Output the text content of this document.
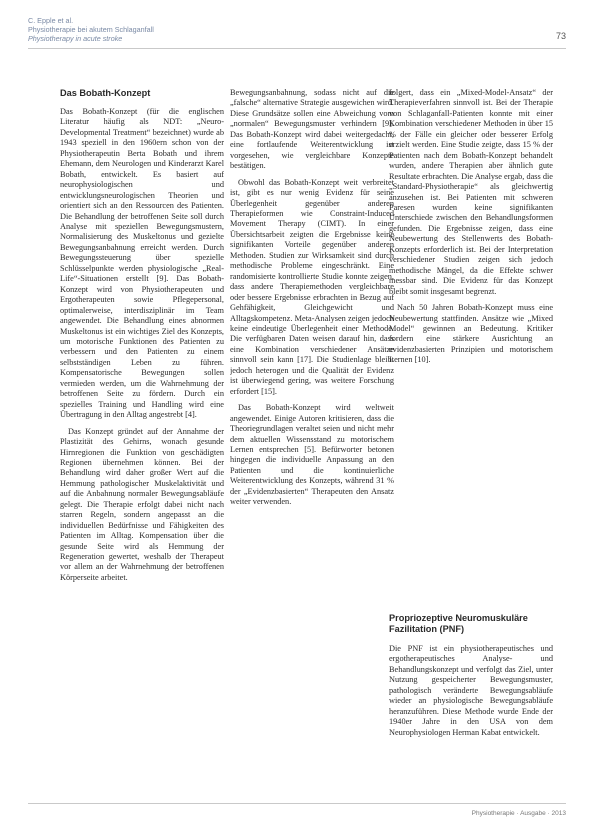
C. Epple et al.
Physiotherapie bei akutem Schlaganfall
Physiotherapy in acute stroke	73
Das Bobath-Konzept

Das Bobath-Konzept (für die englischen Literatur häufig als NDT: „Neuro-Developmental Treatment“ bezeichnet) wurde ab 1943 speziell in den 1960ern schon von der Physiotherapeutin Berta Bobath und ihrem Ehemann, dem Neurologen und Kinderarzt Karel Bobath, entwickelt. Es basiert auf neurophysiologischen und entwicklungsneurologischen Theorien und orientiert sich an den Ressourcen des Patienten. Die Behandlung der betroffenen Seite soll durch Analyse mit speziellen Bewegungsmustern, Normalisierung des Muskeltonus und gezielte Bewegungsanbahnung erreicht werden. Durch Bewegungssteuerung über spezielle Schlüsselpunkte werden physiologische „Real-Life“-Situationen erstellt [9]. Das Bobath-Konzept wird von Physiotherapeuten und Ergotherapeuten sowie Pflegepersonal, optimalerweise, interdisziplinär im Team angewendet. Die Behandlung eines abnormen Muskeltonus ist ein wichtiges Ziel des Konzepts, um motorische Funktionen des Patienten zu verbessern und den Patienten zu einem selbstständigen Leben zu führen. Kompensatorische Bewegungen sollen vermieden werden, um die Wahrnehmung der betroffenen Seite zu fördern. Durch ein spezielles Training und Handling wird eine Übertragung in den Alltag angestrebt [4].

Das Konzept gründet auf der Annahme der Plastizität des Gehirns, wonach gesunde Hirnregionen die Funktion von geschädigten Regionen übernehmen können. Bei der Behandlung wird daher großer Wert auf die Hemmung pathologischer Muskelaktivität und auf die Anbahnung normaler Bewegungsabläufe gelegt. Die Therapie erfolgt dabei nicht nach starren Regeln, sondern angepasst an die individuellen Bedürfnisse und Fähigkeiten des Patienten im Alltag. Kompensation über die gesunde Seite wird als Hemmung der Regeneration gewertet, weshalb der Therapeut vor allem an der Wahrnehmung der betroffenen Körperseite arbeitet.

Bewegungsanbahnung, sodass nicht auf die „falsche“ alternative Strategie ausgewichen wird. Diese Grundsätze sollen eine Abweichung vom „normalen“ Bewegungsmuster verhindern [9]. Das Bobath-Konzept wird dabei weitergedacht, eine fortlaufende Weiterentwicklung ist vorgesehen, wie vergleichbare Konzepte bestätigen.

Obwohl das Bobath-Konzept weit verbreitet ist, gibt es nur wenig Evidenz für seine Überlegenheit gegenüber anderen Therapieformen wie Constraint-Induced Movement Therapy (CIMT). In einer Übersichtsarbeit zeigten die Ergebnisse keine signifikanten Vorteile gegenüber anderen Methoden. Studien zur Wirksamkeit sind durch methodische Probleme eingeschränkt. Eine randomisierte kontrollierte Studie konnte zeigen, dass andere Therapiemethoden vergleichbare oder bessere Ergebnisse erbrachten in Bezug auf Gehfähigkeit, Gleichgewicht und Alltagskompetenz. Meta-Analysen zeigen jedoch keine eindeutige Überlegenheit einer Methode. Die verfügbaren Daten weisen darauf hin, dass eine Kombination verschiedener Ansätze sinnvoll sein kann [17]. Die Studienlage bleibt jedoch heterogen und die Qualität der Evidenz ist überwiegend gering, was weitere Forschung erfordert [15].

Das Bobath-Konzept wird weltweit angewendet. Einige Autoren kritisieren, dass die Theoriegrundlagen veraltet seien und nicht mehr dem aktuellen Wissensstand zu motorischem Lernen entsprechen [5]. Befürworter betonen hingegen die individuelle Anpassung an den Patienten und die kontinuierliche Weiterentwicklung des Konzepts, während 31 % der „Evidenzbasierten“ Therapeuten den Ansatz weiter verwenden.

folgert, dass ein „Mixed-Model-Ansatz“ der Therapieverfahren sinnvoll ist. Bei der Therapie von Schlaganfall-Patienten konnte mit einer Kombination verschiedener Methoden in über 15 % der Fälle ein gleicher oder besserer Erfolg erzielt werden. Eine Studie zeigte, dass 15 % der Patienten nach dem Bobath-Konzept behandelt wurden, andere Therapien aber ähnlich gute Resultate erbrachten. Die Analyse ergab, dass die „Standard-Physiotherapie“ als gleichwertig anzusehen ist. Bei Patienten mit schweren Paresen wurden keine signifikanten Unterschiede zwischen den Behandlungsformen gefunden. Die Ergebnisse zeigen, dass eine Neubewertung des Stellenwerts des Bobath-Konzepts erforderlich ist. Bei der Interpretation verschiedener Studien zeigen sich jedoch methodische Mängel, da die Effekte schwer messbar sind. Die Evidenz für das Konzept bleibt somit insgesamt begrenzt.

Nach 50 Jahren Bobath-Konzept muss eine Neubewertung stattfinden. Ansätze wie „Mixed Model“ gewinnen an Bedeutung. Kritiker fordern eine stärkere Ausrichtung an evidenzbasierten Prinzipien und motorischem Lernen [10].

Propriozeptive Neuromuskuläre Fazilitation (PNF)

Die PNF ist ein physiotherapeutisches und ergotherapeutisches Analyse- und Behandlungskonzept und verfolgt das Ziel, unter Nutzung gespeicherter Bewegungsmuster, pathologisch veränderte Bewegungsabläufe wieder an physiologische Bewegungsabläufe heranzuführen. Diese Methode wurde Ende der 1940er Jahre in den USA von dem Neurophysiologen Herman Kabat entwickelt.

Physiotherapie · Ausgabe · 2013
